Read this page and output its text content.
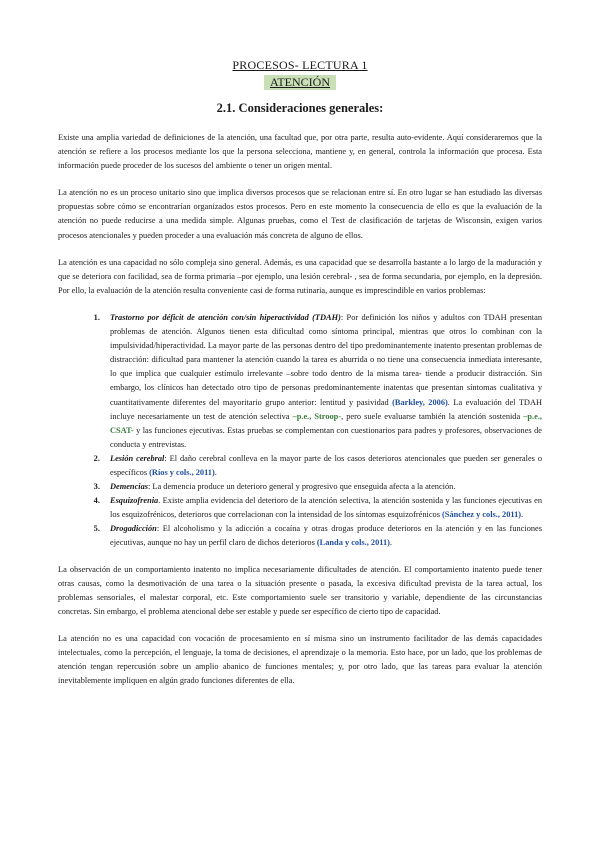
PROCESOS- LECTURA 1
ATENCIÓN
2.1. Consideraciones generales:

Existe una amplia variedad de definiciones de la atención, una facultad que, por otra parte, resulta auto-evidente. Aquí consideraremos que la atención se refiere a los procesos mediante los que la persona selecciona, mantiene y, en general, controla la información que procesa. Esta información puede proceder de los sucesos del ambiente o tener un origen mental.

La atención no es un proceso unitario sino que implica diversos procesos que se relacionan entre sí. En otro lugar se han estudiado las diversas propuestas sobre cómo se encontrarían organizados estos procesos. Pero en este momento la consecuencia de ello es que la evaluación de la atención no puede reducirse a una medida simple. Algunas pruebas, como el Test de clasificación de tarjetas de Wisconsin, exigen varios procesos atencionales y pueden proceder a una evaluación más concreta de alguno de ellos.

La atención es una capacidad no sólo compleja sino general. Además, es una capacidad que se desarrolla bastante a lo largo de la maduración y que se deteriora con facilidad, sea de forma primaria –por ejemplo, una lesión cerebral- , sea de forma secundaria, por ejemplo, en la depresión. Por ello, la evaluación de la atención resulta conveniente casi de forma rutinaria, aunque es imprescindible en varios problemas:

1. Trastorno por déficit de atención con/sin hiperactividad (TDAH): Por definición los niños y adultos con TDAH presentan problemas de atención. Algunos tienen esta dificultad como síntoma principal, mientras que otros lo combinan con la impulsividad/hiperactividad. La mayor parte de las personas dentro del tipo predominantemente inatento presentan problemas de distracción: dificultad para mantener la atención cuando la tarea es aburrida o no tiene una consecuencia inmediata interesante, lo que implica que cualquier estímulo irrelevante –sobre todo dentro de la misma tarea- tiende a producir distracción. Sin embargo, los clínicos han detectado otro tipo de personas predominantemente inatentas que presentan síntomas cualitativa y cuantitativamente diferentes del mayoritario grupo anterior: lentitud y pasividad (Barkley, 2006). La evaluación del TDAH incluye necesariamente un test de atención selectiva –p.e., Stroop-, pero suele evaluarse también la atención sostenida –p.e., CSAT- y las funciones ejecutivas. Estas pruebas se complementan con cuestionarios para padres y profesores, observaciones de conducta y entrevistas.
2. Lesión cerebral: El daño cerebral conlleva en la mayor parte de los casos deterioros atencionales que pueden ser generales o específicos (Ríos y cols., 2011).
3. Demencias: La demencia produce un deterioro general y progresivo que enseguida afecta a la atención.
4. Esquizofrenia. Existe amplia evidencia del deterioro de la atención selectiva, la atención sostenida y las funciones ejecutivas en los esquizofrénicos, deterioros que correlacionan con la intensidad de los síntomas esquizofrénicos (Sánchez y cols., 2011).
5. Drogadicción: El alcoholismo y la adicción a cocaína y otras drogas produce deterioros en la atención y en las funciones ejecutivas, aunque no hay un perfil claro de dichos deterioros (Landa y cols., 2011).

La observación de un comportamiento inatento no implica necesariamente dificultades de atención. El comportamiento inatento puede tener otras causas, como la desmotivación de una tarea o la situación presente o pasada, la excesiva dificultad prevista de la tarea actual, los problemas sensoriales, el malestar corporal, etc. Este comportamiento suele ser transitorio y variable, dependiente de las circunstancias concretas. Sin embargo, el problema atencional debe ser estable y puede ser específico de cierto tipo de capacidad.

La atención no es una capacidad con vocación de procesamiento en sí misma sino un instrumento facilitador de las demás capacidades intelectuales, como la percepción, el lenguaje, la toma de decisiones, el aprendizaje o la memoria. Esto hace, por un lado, que los problemas de atención tengan repercusión sobre un amplio abanico de funciones mentales; y, por otro lado, que las tareas para evaluar la atención inevitablemente impliquen en algún grado funciones diferentes de ella.
